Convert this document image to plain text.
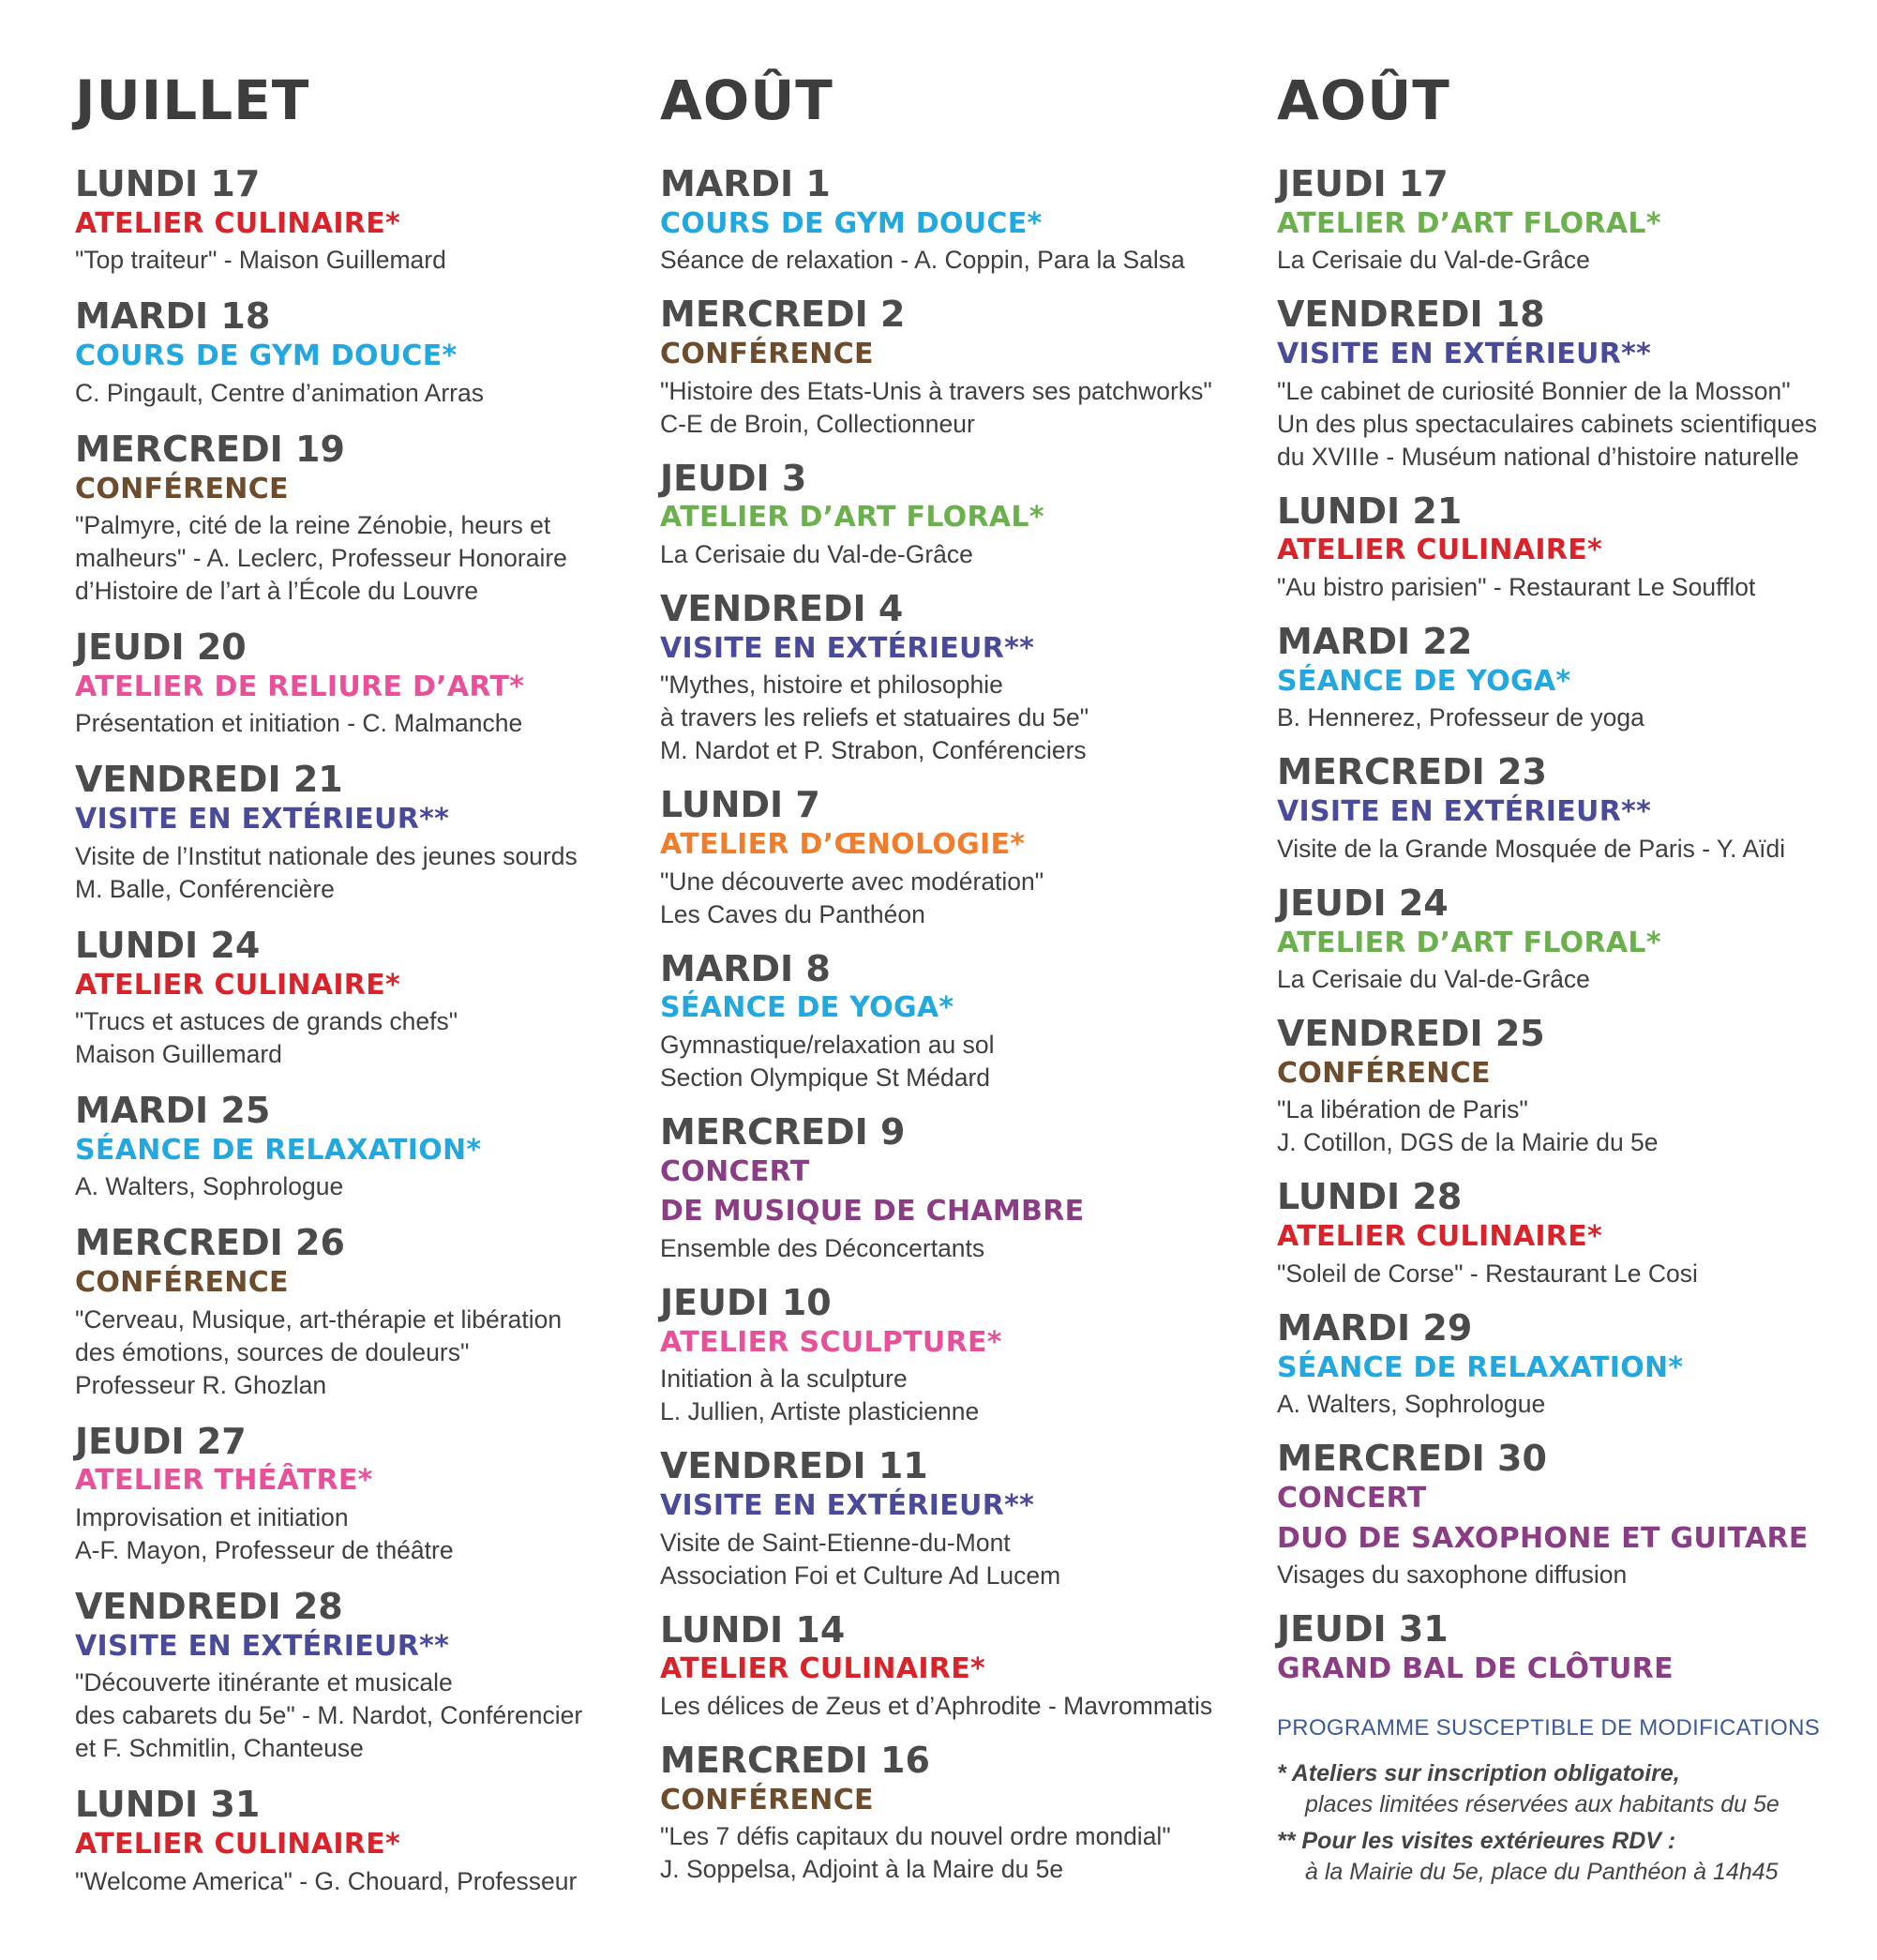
JUILLET
LUNDI 17
ATELIER CULINAIRE*
"Top traiteur" - Maison Guillemard
MARDI 18
COURS DE GYM DOUCE*
C. Pingault, Centre d’animation Arras
MERCREDI 19
CONFÉRENCE
"Palmyre, cité de la reine Zénobie, heurs et
malheurs" - A. Leclerc, Professeur Honoraire
d’Histoire de l’art à l’École du Louvre
JEUDI 20
ATELIER DE RELIURE D’ART*
Présentation et initiation - C. Malmanche
VENDREDI 21
VISITE EN EXTÉRIEUR**
Visite de l’Institut nationale des jeunes sourds
M. Balle, Conférencière
LUNDI 24
ATELIER CULINAIRE*
"Trucs et astuces de grands chefs"
Maison Guillemard
MARDI 25
SÉANCE DE RELAXATION*
A. Walters, Sophrologue
MERCREDI 26
CONFÉRENCE
"Cerveau, Musique, art-thérapie et libération
des émotions, sources de douleurs"
Professeur R. Ghozlan
JEUDI 27
ATELIER THÉÂTRE*
Improvisation et initiation
A-F. Mayon, Professeur de théâtre
VENDREDI 28
VISITE EN EXTÉRIEUR**
"Découverte itinérante et musicale
des cabarets du 5e" - M. Nardot, Conférencier
et F. Schmitlin, Chanteuse
LUNDI 31
ATELIER CULINAIRE*
"Welcome America" - G. Chouard, Professeur
AOÛT
MARDI 1
COURS DE GYM DOUCE*
Séance de relaxation - A. Coppin, Para la Salsa
MERCREDI 2
CONFÉRENCE
"Histoire des Etats-Unis à travers ses patchworks"
C-E de Broin, Collectionneur
JEUDI 3
ATELIER D’ART FLORAL*
La Cerisaie du Val-de-Grâce
VENDREDI 4
VISITE EN EXTÉRIEUR**
"Mythes, histoire et philosophie
à travers les reliefs et statuaires du 5e"
M. Nardot et P. Strabon, Conférenciers
LUNDI 7
ATELIER D’ŒNOLOGIE*
"Une découverte avec modération"
Les Caves du Panthéon
MARDI 8
SÉANCE DE YOGA*
Gymnastique/relaxation au sol
Section Olympique St Médard
MERCREDI 9
CONCERT
DE MUSIQUE DE CHAMBRE
Ensemble des Déconcertants
JEUDI 10
ATELIER SCULPTURE*
Initiation à la sculpture
L. Jullien, Artiste plasticienne
VENDREDI 11
VISITE EN EXTÉRIEUR**
Visite de Saint-Etienne-du-Mont
Association Foi et Culture Ad Lucem
LUNDI 14
ATELIER CULINAIRE*
Les délices de Zeus et d’Aphrodite - Mavrommatis
MERCREDI 16
CONFÉRENCE
"Les 7 défis capitaux du nouvel ordre mondial"
J. Soppelsa, Adjoint à la Maire du 5e
AOÛT
JEUDI 17
ATELIER D’ART FLORAL*
La Cerisaie du Val-de-Grâce
VENDREDI 18
VISITE EN EXTÉRIEUR**
"Le cabinet de curiosité Bonnier de la Mosson"
Un des plus spectaculaires cabinets scientifiques
du XVIIIe - Muséum national d’histoire naturelle
LUNDI 21
ATELIER CULINAIRE*
"Au bistro parisien" - Restaurant Le Soufflot
MARDI 22
SÉANCE DE YOGA*
B. Hennerez, Professeur de yoga
MERCREDI 23
VISITE EN EXTÉRIEUR**
Visite de la Grande Mosquée de Paris - Y. Aïdi
JEUDI 24
ATELIER D’ART FLORAL*
La Cerisaie du Val-de-Grâce
VENDREDI 25
CONFÉRENCE
"La libération de Paris"
J. Cotillon, DGS de la Mairie du 5e
LUNDI 28
ATELIER CULINAIRE*
"Soleil de Corse" - Restaurant Le Cosi
MARDI 29
SÉANCE DE RELAXATION*
A. Walters, Sophrologue
MERCREDI 30
CONCERT
DUO DE SAXOPHONE ET GUITARE
Visages du saxophone diffusion
JEUDI 31
GRAND BAL DE CLÔTURE
PROGRAMME SUSCEPTIBLE DE MODIFICATIONS
* Ateliers sur inscription obligatoire,
places limitées réservées aux habitants du 5e
** Pour les visites extérieures RDV :
à la Mairie du 5e, place du Panthéon à 14h45
